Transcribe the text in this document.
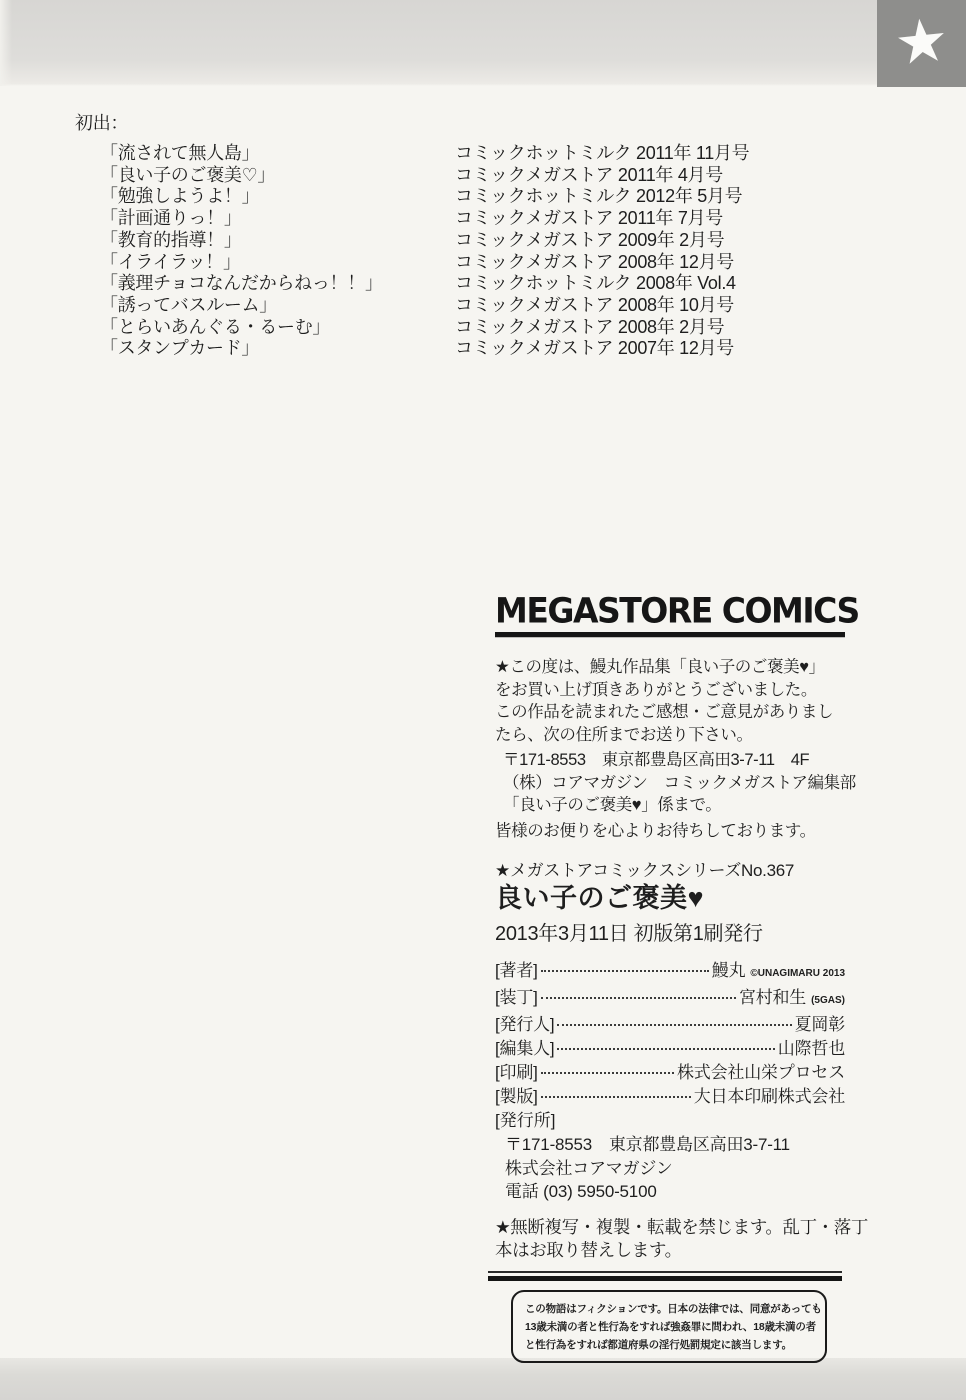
★
初出：
「流されて無人島」	コミックホットミルク 2011年 11月号
「良い子のご褒美♡」	コミックメガストア 2011年 4月号
「勉強しようよ！」	コミックホットミルク 2012年 5月号
「計画通りっ！」	コミックメガストア 2011年 7月号
「教育的指導！」	コミックメガストア 2009年 2月号
「イライラッ！」	コミックメガストア 2008年 12月号
「義理チョコなんだからねっ！！」	コミックホットミルク 2008年 Vol.4
「誘ってバスルーム」	コミックメガストア 2008年 10月号
「とらいあんぐる・るーむ」	コミックメガストア 2008年 2月号
「スタンプカード」	コミックメガストア 2007年 12月号
MEGASTORE COMICS
★この度は、鰻丸作品集「良い子のご褒美♥」
をお買い上げ頂きありがとうございました。
この作品を読まれたご感想・ご意見がありまし
たら、次の住所までお送り下さい。
〒171-8553　東京都豊島区高田3-7-11　4F
（株）コアマガジン　コミックメガストア編集部
「良い子のご褒美♥」係まで。
皆様のお便りを心よりお待ちしております。
★メガストアコミックスシリーズNo.367
良い子のご褒美♥
2013年3月11日 初版第1刷発行
[著者]	鰻丸 ©UNAGIMARU 2013
[装丁]	宮村和生 (5GAS)
[発行人]	夏岡彰
[編集人]	山際哲也
[印刷]	株式会社山栄プロセス
[製版]	大日本印刷株式会社
[発行所]
〒171-8553　東京都豊島区高田3-7-11
株式会社コアマガジン
電話 (03) 5950-5100
★無断複写・複製・転載を禁じます。乱丁・落丁
本はお取り替えします。
この物語はフィクションです。日本の法律では、同意があっても
13歳未満の者と性行為をすれば強姦罪に問われ、18歳未満の者
と性行為をすれば都道府県の淫行処罰規定に該当します。
